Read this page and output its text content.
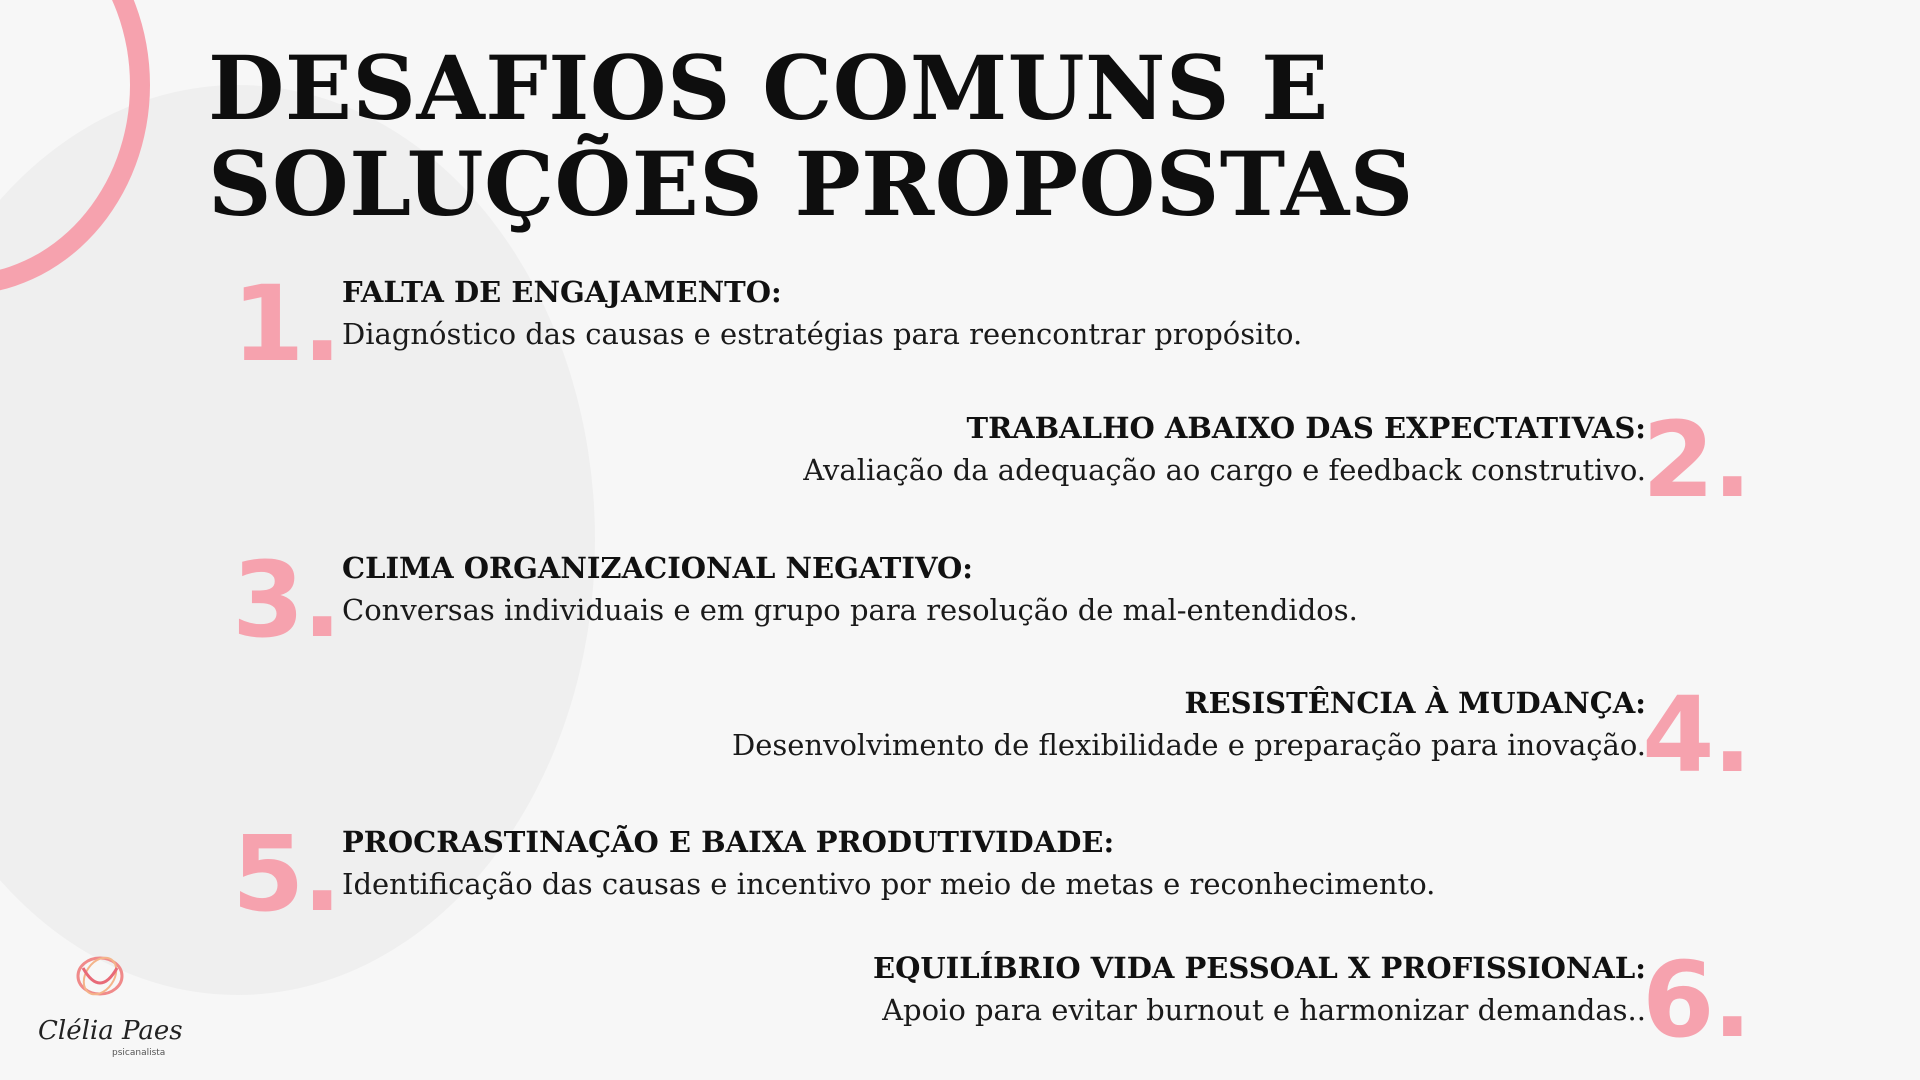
DESAFIOS COMUNS E
SOLUÇÕES PROPOSTAS
1. FALTA DE ENGAJAMENTO:
Diagnóstico das causas e estratégias para reencontrar propósito.
2.
TRABALHO ABAIXO DAS EXPECTATIVAS:
Avaliação da adequação ao cargo e feedback construtivo.
3. CLIMA ORGANIZACIONAL NEGATIVO:
Conversas individuais e em grupo para resolução de mal-entendidos.
4.
RESISTÊNCIA À MUDANÇA:
Desenvolvimento de flexibilidade e preparação para inovação.
5. PROCRASTINAÇÃO E BAIXA PRODUTIVIDADE:
Identificação das causas e incentivo por meio de metas e reconhecimento.
6.
EQUILÍBRIO VIDA PESSOAL X PROFISSIONAL:
Apoio para evitar burnout e harmonizar demandas..
Clélia Paes
psicanalista
